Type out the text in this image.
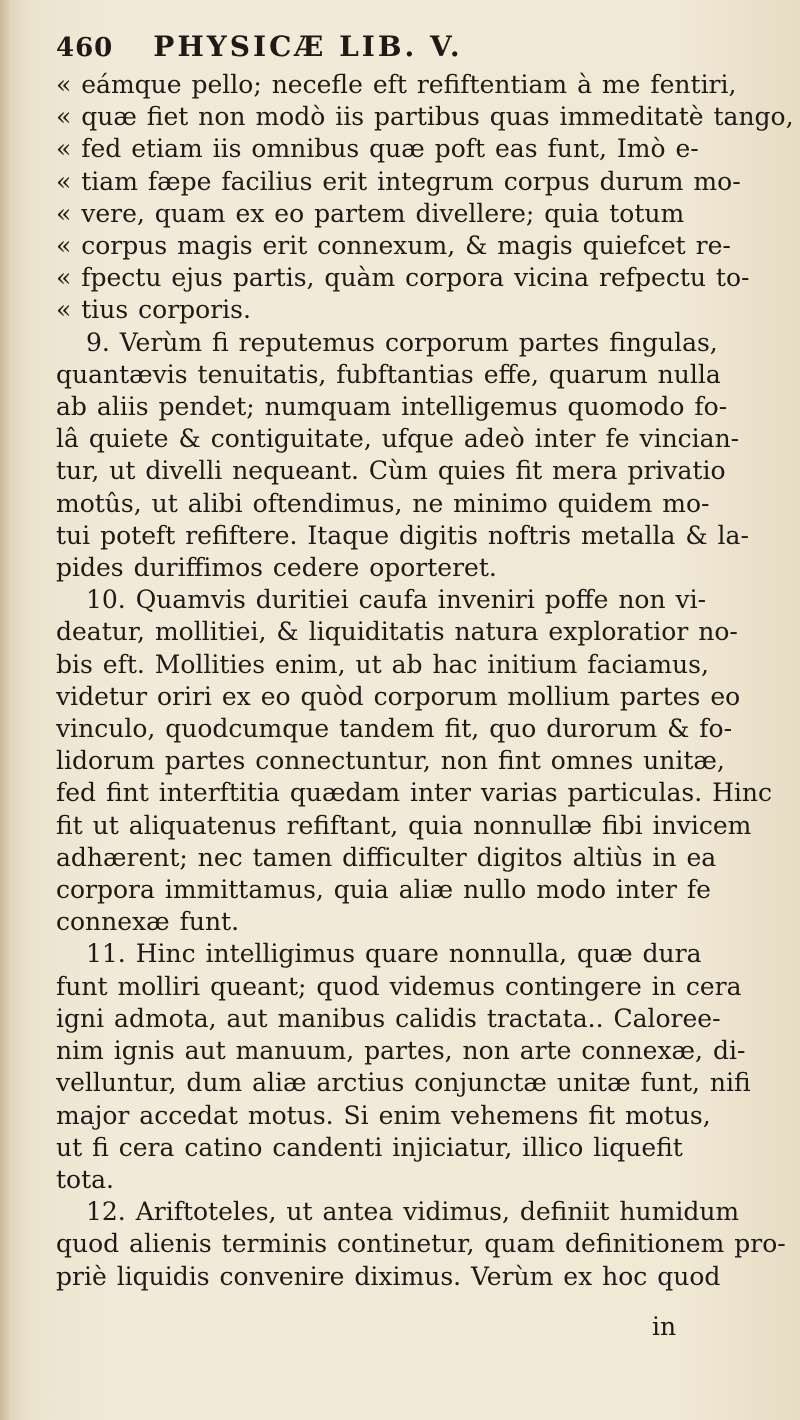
460 PHYSICÆ LIB. V.
« eámque pello; necefle eft refiftentiam à me fentiri,
« quæ fiet non modò iis partibus quas immeditatè tango,
« fed etiam iis omnibus quæ poft eas funt, Imò e-
« tiam fæpe facilius erit integrum corpus durum mo-
« vere, quam ex eo partem divellere; quia totum
« corpus magis erit connexum, & magis quiefcet re-
« fpectu ejus partis, quàm corpora vicina refpectu to-
« tius corporis.
9. Verùm fi reputemus corporum partes fingulas,
quantævis tenuitatis, fubftantias effe, quarum nulla
ab aliis pendet; numquam intelligemus quomodo fo-
lâ quiete & contiguitate, ufque adeò inter fe vincian-
tur, ut divelli nequeant. Cùm quies fit mera privatio
motûs, ut alibi oftendimus, ne minimo quidem mo-
tui poteft refiftere. Itaque digitis noftris metalla & la-
pides duriffimos cedere oporteret.
10. Quamvis duritiei caufa inveniri poffe non vi-
deatur, mollitiei, & liquiditatis natura exploratior no-
bis eft. Mollities enim, ut ab hac initium faciamus,
videtur oriri ex eo quòd corporum mollium partes eo
vinculo, quodcumque tandem fit, quo durorum & fo-
lidorum partes connectuntur, non fint omnes unitæ,
fed fint interftitia quædam inter varias particulas. Hinc
fit ut aliquatenus refiftant, quia nonnullæ fibi invicem
adhærent; nec tamen difficulter digitos altiùs in ea
corpora immittamus, quia aliæ nullo modo inter fe
connexæ funt.
11. Hinc intelligimus quare nonnulla, quæ dura
funt molliri queant; quod videmus contingere in cera
igni admota, aut manibus calidis tractata.. Caloree-
nim ignis aut manuum, partes, non arte connexæ, di-
velluntur, dum aliæ arctius conjunctæ unitæ funt, nifi
major accedat motus. Si enim vehemens fit motus,
ut fi cera catino candenti injiciatur, illico liquefit
tota.
12. Ariftoteles, ut antea vidimus, definiit humidum
quod alienis terminis continetur, quam definitionem pro-
priè liquidis convenire diximus. Verùm ex hoc quod
in
